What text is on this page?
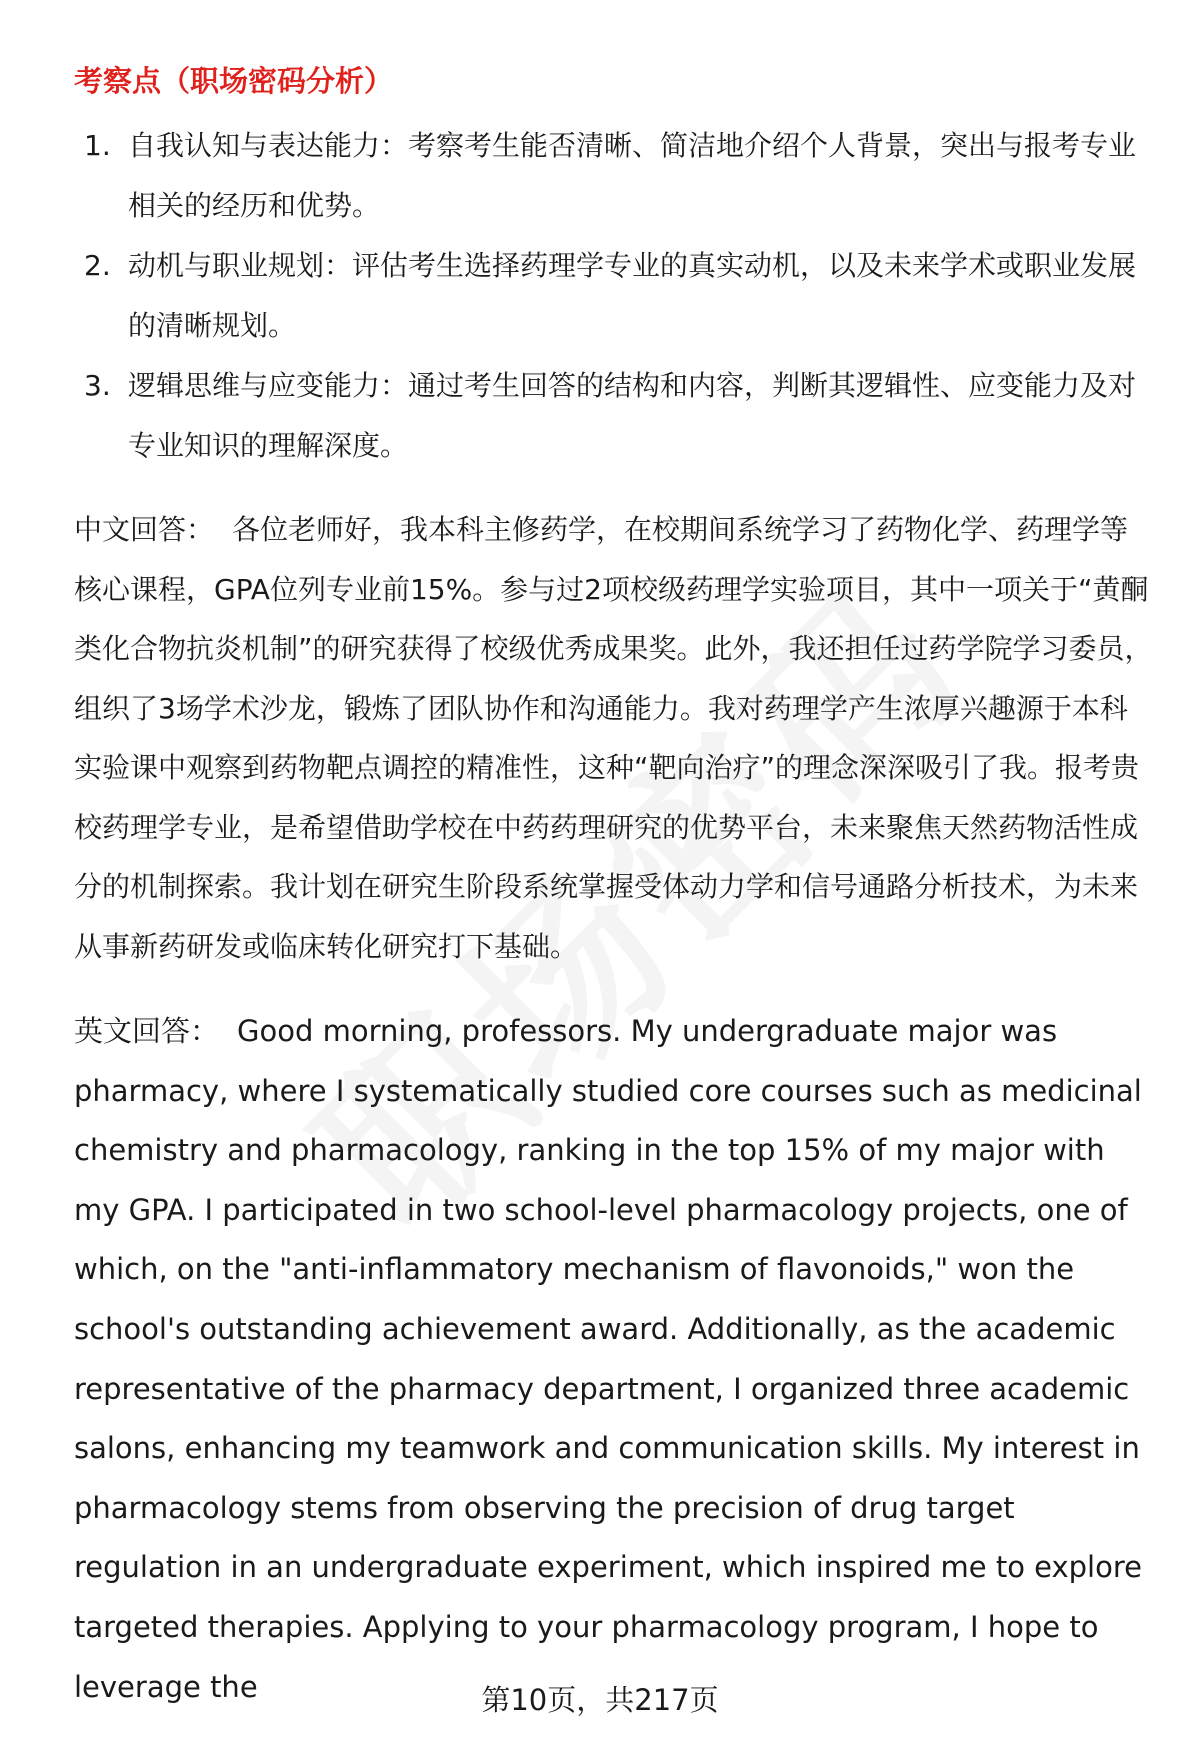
考察点（职场密码分析）
1. 自我认知与表达能力：考察考生能否清晰、简洁地介绍个人背景，突出与报考专业相关的经历和优势。
2. 动机与职业规划：评估考生选择药理学专业的真实动机，以及未来学术或职业发展的清晰规划。
3. 逻辑思维与应变能力：通过考生回答的结构和内容，判断其逻辑性、应变能力及对专业知识的理解深度。

中文回答： 各位老师好，我本科主修药学，在校期间系统学习了药物化学、药理学等核心课程，GPA位列专业前15%。参与过2项校级药理学实验项目，其中一项关于“黄酮类化合物抗炎机制”的研究获得了校级优秀成果奖。此外，我还担任过药学院学习委员，组织了3场学术沙龙，锻炼了团队协作和沟通能力。我对药理学产生浓厚兴趣源于本科实验课中观察到药物靶点调控的精准性，这种“靶向治疗”的理念深深吸引了我。报考贵校药理学专业，是希望借助学校在中药药理研究的优势平台，未来聚焦天然药物活性成分的机制探索。我计划在研究生阶段系统掌握受体动力学和信号通路分析技术，为未来从事新药研发或临床转化研究打下基础。

英文回答： Good morning, professors. My undergraduate major was pharmacy, where I systematically studied core courses such as medicinal chemistry and pharmacology, ranking in the top 15% of my major with my GPA. I participated in two school-level pharmacology projects, one of which, on the "anti-inflammatory mechanism of flavonoids," won the school's outstanding achievement award. Additionally, as the academic representative of the pharmacy department, I organized three academic salons, enhancing my teamwork and communication skills. My interest in pharmacology stems from observing the precision of drug target regulation in an undergraduate experiment, which inspired me to explore targeted therapies. Applying to your pharmacology program, I hope to leverage the	第10页，共217页
